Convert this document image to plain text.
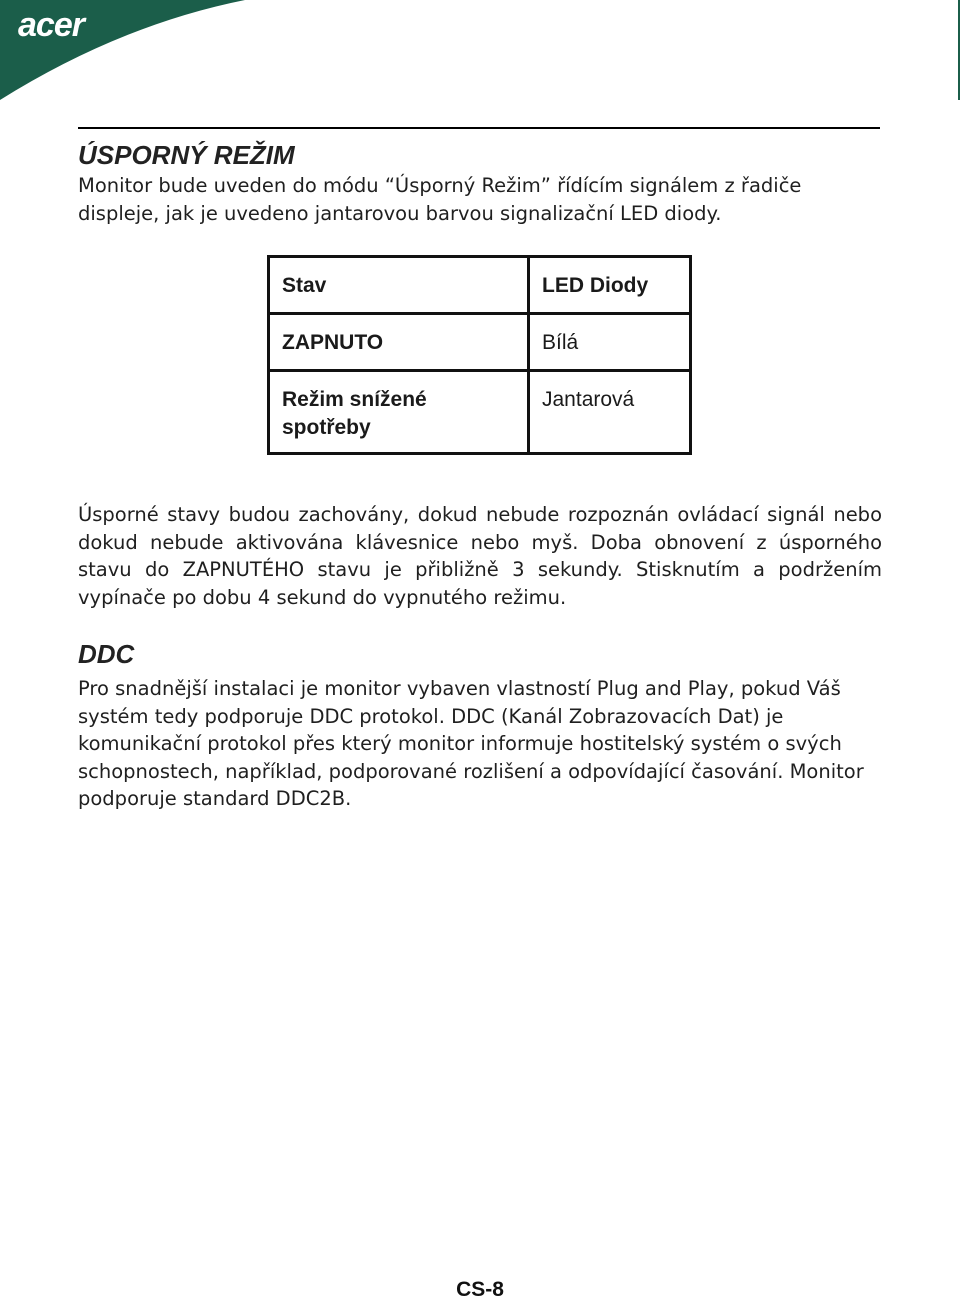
acer
ÚSPORNÝ REŽIM
Monitor bude uveden do módu “Úsporný Režim” řídícím signálem z řadiče
displeje, jak je uvedeno jantarovou barvou signalizační LED diody.
Stav	LED Diody
ZAPNUTO	Bílá

Režim snížené
spotřeby	Jantarová

Úsporné stavy budou zachovány, dokud nebude rozpoznán ovládací signál nebo dokud nebude aktivována klávesnice nebo myš. Doba obnovení z úsporného stavu do ZAPNUTÉHO stavu je přibližně 3 sekundy. Stisknutím a podržením vypínače po dobu 4 sekund do vypnutého režimu.

DDC

Pro snadnější instalaci je monitor vybaven vlastností Plug and Play, pokud Váš systém tedy podporuje DDC protokol. DDC (Kanál Zobrazovacích Dat) je komunikační protokol přes který monitor informuje hostitelský systém o svých schopnostech, například, podporované rozlišení a odpovídající časování. Monitor podporuje standard DDC2B.

CS-8
